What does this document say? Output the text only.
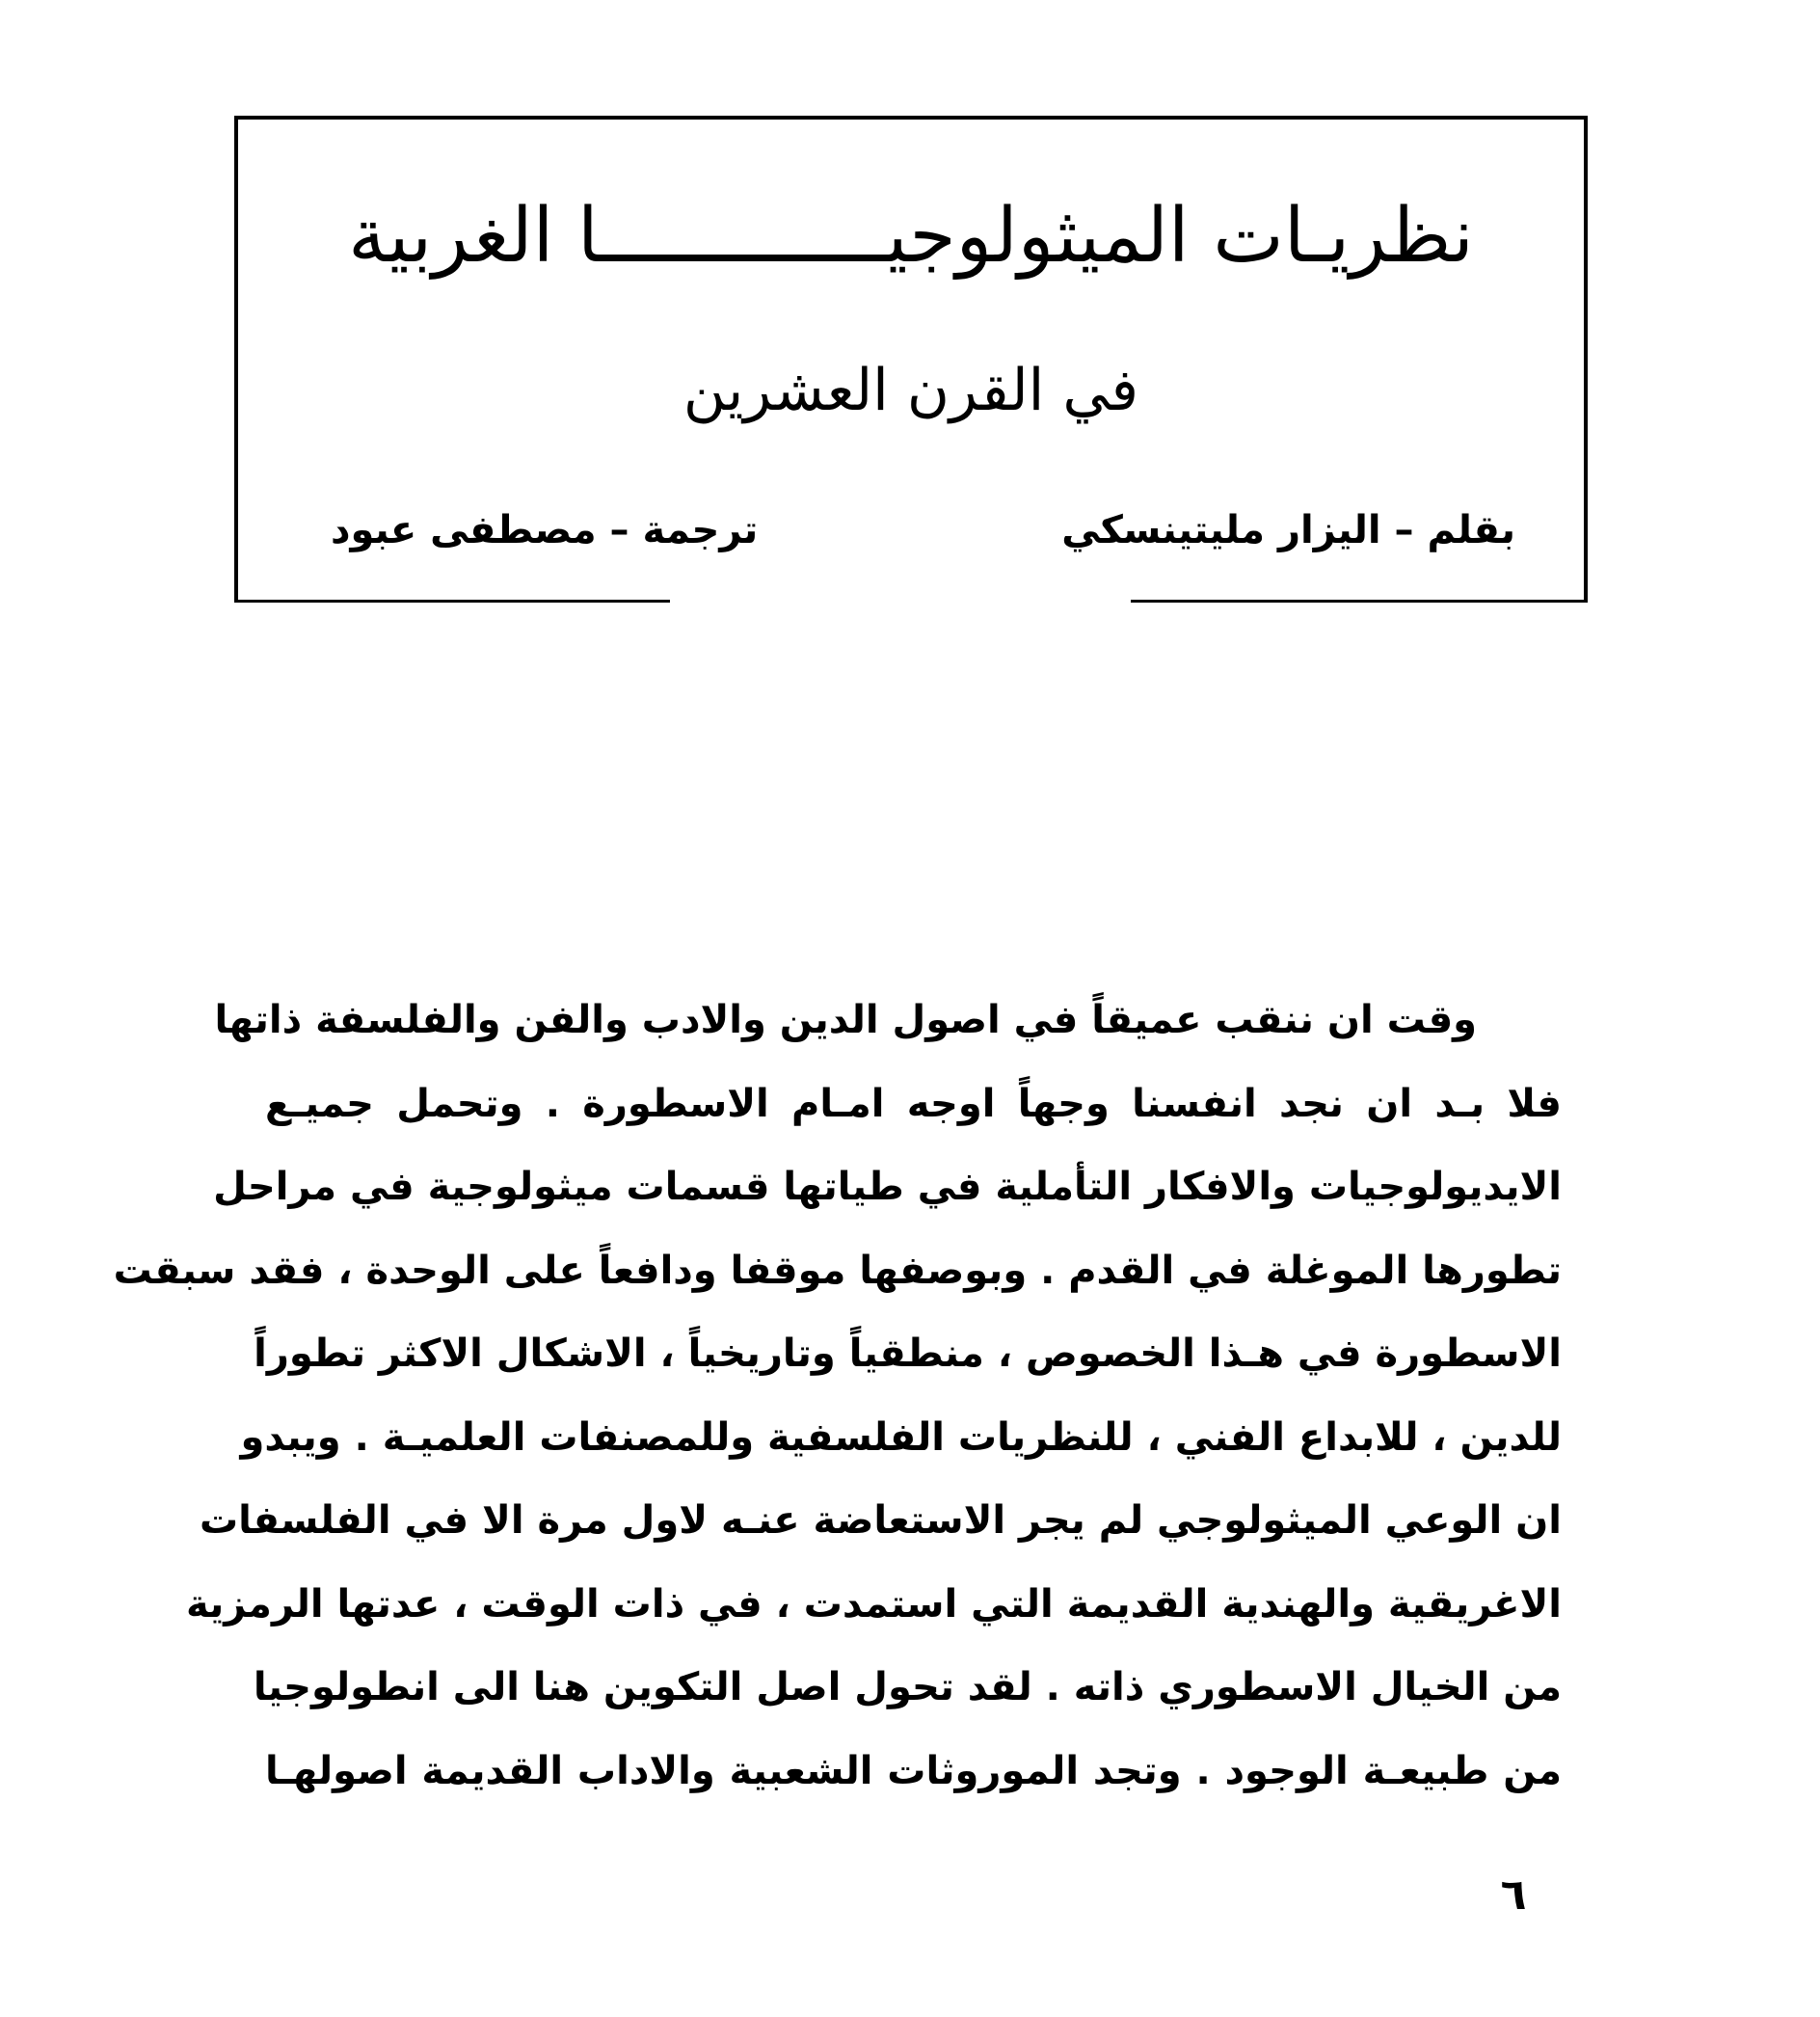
نظريـات الميثولوجيـــــــــــــا الغربية
في القرن العشرين
بقلم – اليزار مليتينسكي
ترجمة – مصطفى عبود
وقت ان ننقب عميقاً في اصول الدين والادب والفن والفلسفة ذاتها
فلا بـد ان نجد انفسنا وجهاً اوجه امـام الاسطورة . وتحمل جميـع
الايديولوجيات والافكار التأملية في طياتها قسمات ميثولوجية في مراحل
تطورها الموغلة في القدم . وبوصفها موقفا ودافعاً على الوحدة ، فقد سبقت
الاسطورة في هـذا الخصوص ، منطقياً وتاريخياً ، الاشكال الاكثر تطوراً
للدين ، للابداع الفني ، للنظريات الفلسفية وللمصنفات العلميـة . ويبدو
ان الوعي الميثولوجي لم يجر الاستعاضة عنـه لاول مرة الا في الفلسفات
الاغريقية والهندية القديمة التي استمدت ، في ذات الوقت ، عدتها الرمزية
من الخيال الاسطوري ذاته . لقد تحول اصل التكوين هنا الى انطولوجيا
من طبيعـة الوجود . وتجد الموروثات الشعبية والاداب القديمة اصولهـا
٦
